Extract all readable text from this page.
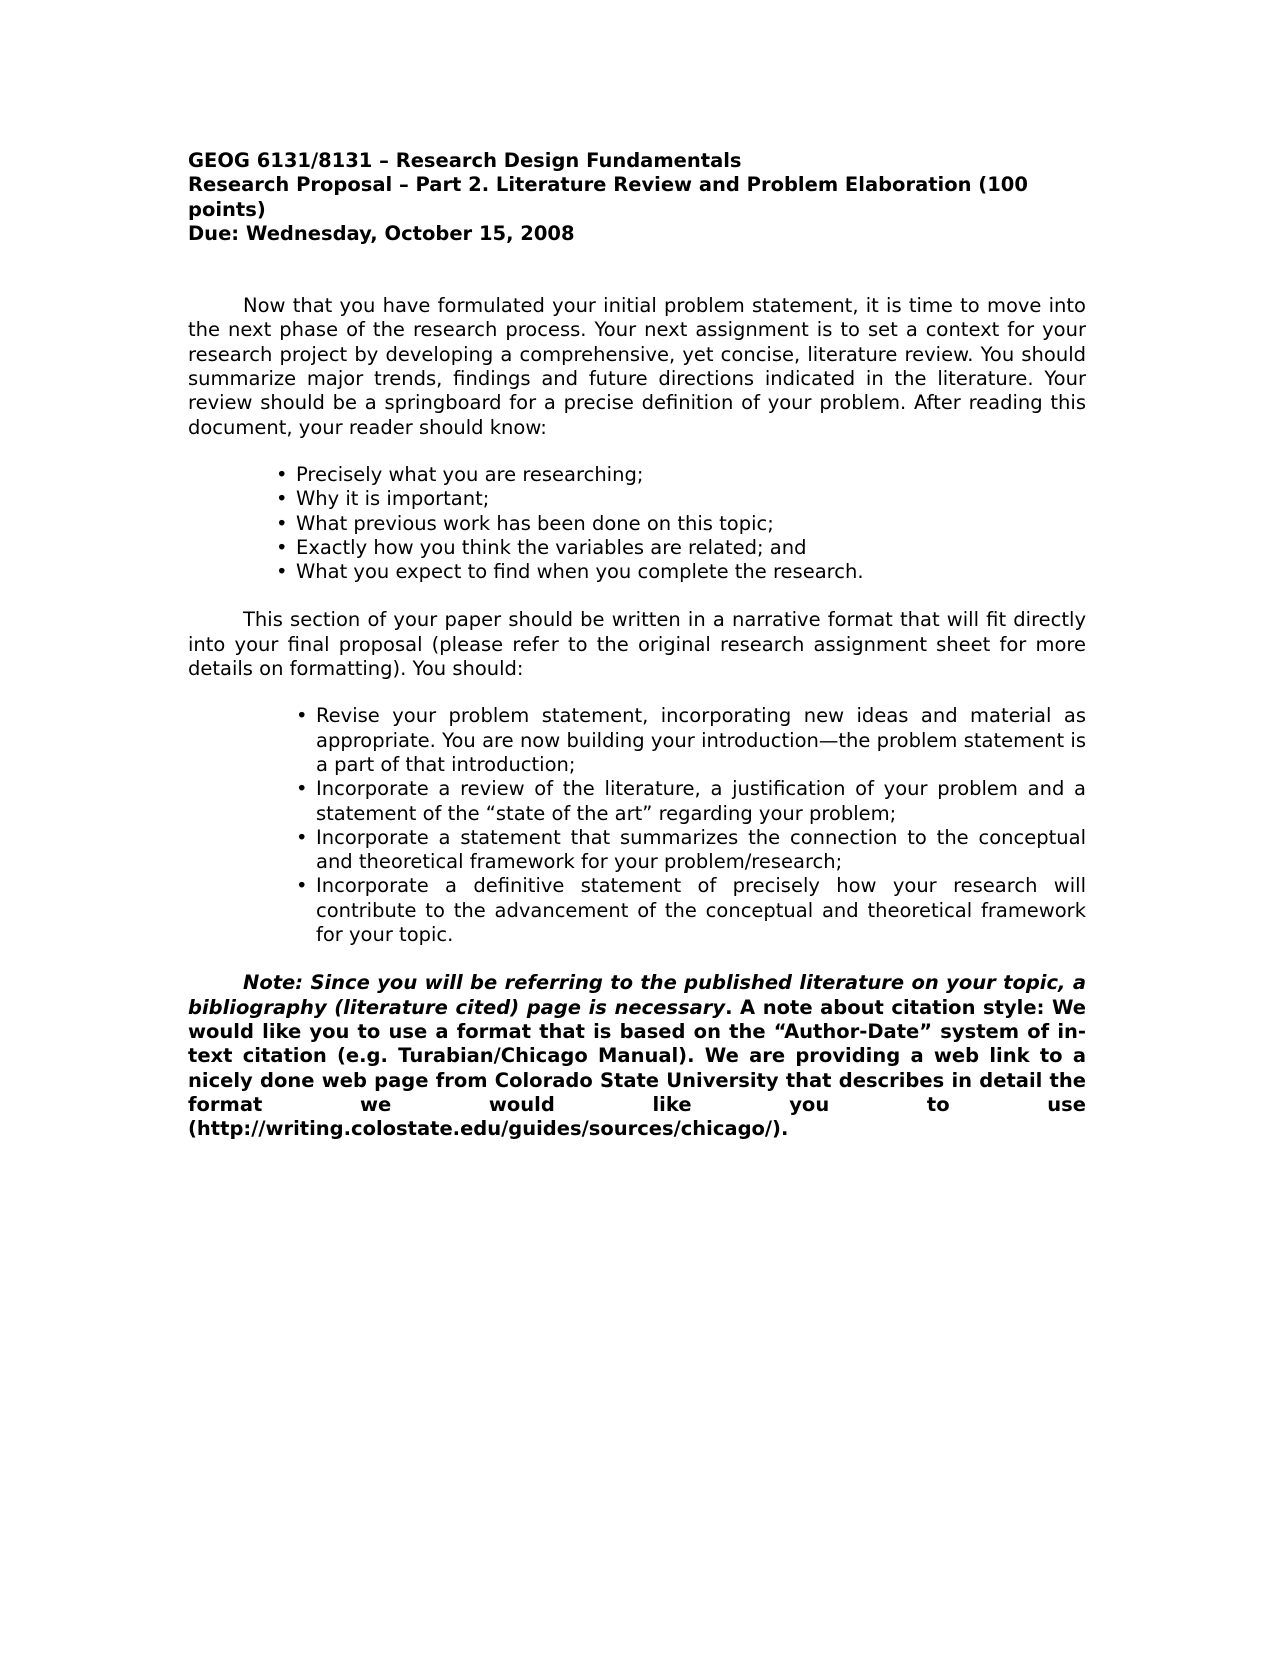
GEOG 6131/8131 – Research Design Fundamentals

Research Proposal – Part 2. Literature Review and Problem Elaboration (100 points)

Due: Wednesday, October 15, 2008

Now that you have formulated your initial problem statement, it is time to move into the next phase of the research process. Your next assignment is to set a context for your research project by developing a comprehensive, yet concise, literature review. You should summarize major trends, findings and future directions indicated in the literature. Your review should be a springboard for a precise definition of your problem. After reading this document, your reader should know:

• Precisely what you are researching;
• Why it is important;
• What previous work has been done on this topic;
• Exactly how you think the variables are related; and
• What you expect to find when you complete the research.

This section of your paper should be written in a narrative format that will fit directly into your final proposal (please refer to the original research assignment sheet for more details on formatting). You should:

• Revise your problem statement, incorporating new ideas and material as appropriate. You are now building your introduction—the problem statement is a part of that introduction;
• Incorporate a review of the literature, a justification of your problem and a statement of the “state of the art” regarding your problem;
• Incorporate a statement that summarizes the connection to the conceptual and theoretical framework for your problem/research;
• Incorporate a definitive statement of precisely how your research will contribute to the advancement of the conceptual and theoretical framework for your topic.

Note: Since you will be referring to the published literature on your topic, a bibliography (literature cited) page is necessary. A note about citation style: We would like you to use a format that is based on the “Author-Date” system of in-text citation (e.g. Turabian/Chicago Manual). We are providing a web link to a nicely done web page from Colorado State University that describes in detail the format we would like you to use (http://writing.colostate.edu/guides/sources/chicago/).
